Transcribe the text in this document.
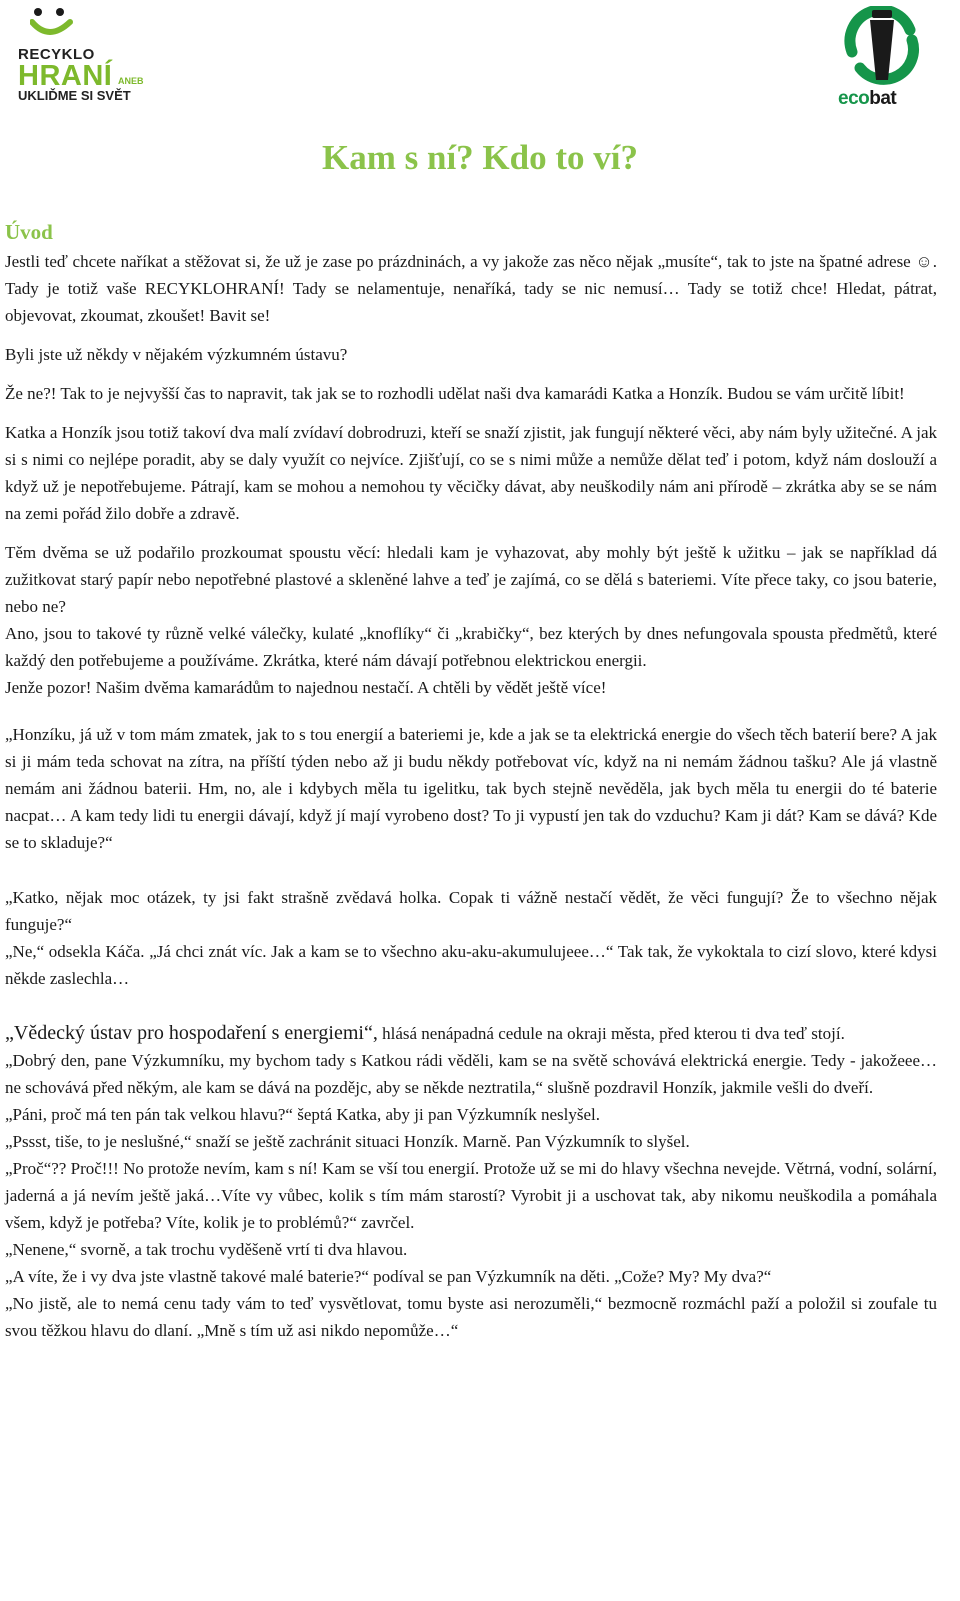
RECYKLO
HRANÍ ANEB
UKLIĎME SI SVĚT	ecobat
Kam s ní? Kdo to ví?
Úvod

Jestli teď chcete naříkat a stěžovat si, že už je zase po prázdninách, a vy jakože zas něco nějak „musíte“, tak to jste na špatné adrese ☺. Tady je totiž vaše RECYKLOHRANÍ! Tady se nelamentuje, nenaříká, tady se nic nemusí… Tady se totiž chce! Hledat, pátrat, objevovat, zkoumat, zkoušet! Bavit se!

Byli jste už někdy v nějakém výzkumném ústavu?

Že ne?! Tak to je nejvyšší čas to napravit, tak jak se to rozhodli udělat naši dva kamarádi Katka a Honzík. Budou se vám určitě líbit!

Katka a Honzík jsou totiž takoví dva malí zvídaví dobrodruzi, kteří se snaží zjistit, jak fungují některé věci, aby nám byly užitečné. A jak si s nimi co nejlépe poradit, aby se daly využít co nejvíce. Zjišťují, co se s nimi může a nemůže dělat teď i potom, když nám doslouží a když už je nepotřebujeme. Pátrají, kam se mohou a nemohou ty věcičky dávat, aby neuškodily nám ani přírodě – zkrátka aby se se nám na zemi pořád žilo dobře a zdravě.

Těm dvěma se už podařilo prozkoumat spoustu věcí: hledali kam je vyhazovat, aby mohly být ještě k užitku – jak se například dá zužitkovat starý papír nebo nepotřebné plastové a skleněné lahve a teď je zajímá, co se dělá s bateriemi. Víte přece taky, co jsou baterie, nebo ne?

Ano, jsou to takové ty různě velké válečky, kulaté „knoflíky“ či „krabičky“, bez kterých by dnes nefungovala spousta předmětů, které každý den potřebujeme a používáme. Zkrátka, které nám dávají potřebnou elektrickou energii.

Jenže pozor! Našim dvěma kamarádům to najednou nestačí. A chtěli by vědět ještě více!

„Honzíku, já už v tom mám zmatek, jak to s tou energií a bateriemi je, kde a jak se ta elektrická energie do všech těch baterií bere? A jak si ji mám teda schovat na zítra, na příští týden nebo až ji budu někdy potřebovat víc, když na ni nemám žádnou tašku? Ale já vlastně nemám ani žádnou baterii. Hm, no, ale i kdybych měla tu igelitku, tak bych stejně nevěděla, jak bych měla tu energii do té baterie nacpat… A kam tedy lidi tu energii dávají, když jí mají vyrobeno dost? To ji vypustí jen tak do vzduchu? Kam ji dát? Kam se dává? Kde se to skladuje?“

„Katko, nějak moc otázek, ty jsi fakt strašně zvědavá holka. Copak ti vážně nestačí vědět, že věci fungují? Že to všechno nějak funguje?“

„Ne,“ odsekla Káča. „Já chci znát víc. Jak a kam se to všechno aku-aku-akumulujeee…“ Tak tak, že vykoktala to cizí slovo, které kdysi někde zaslechla…

„Vědecký ústav pro hospodaření s energiemi“, hlásá nenápadná cedule na okraji města, před kterou ti dva teď stojí.

„Dobrý den, pane Výzkumníku, my bychom tady s Katkou rádi věděli, kam se na světě schovává elektrická energie. Tedy - jakožeee… ne schovává před někým, ale kam se dává na pozdějc, aby se někde neztratila,“ slušně pozdravil Honzík, jakmile vešli do dveří.

„Páni, proč má ten pán tak velkou hlavu?“ šeptá Katka, aby ji pan Výzkumník neslyšel.

„Pssst, tiše, to je neslušné,“ snaží se ještě zachránit situaci Honzík. Marně. Pan Výzkumník to slyšel.

„Proč“?? Proč!!! No protože nevím, kam s ní! Kam se vší tou energií. Protože už se mi do hlavy všechna nevejde. Větrná, vodní, solární, jaderná a já nevím ještě jaká…Víte vy vůbec, kolik s tím mám starostí? Vyrobit ji a uschovat tak, aby nikomu neuškodila a pomáhala všem, když je potřeba? Víte, kolik je to problémů?“ zavrčel.

„Nenene,“ svorně, a tak trochu vyděšeně vrtí ti dva hlavou.

„A víte, že i vy dva jste vlastně takové malé baterie?“ podíval se pan Výzkumník na děti. „Cože? My? My dva?“

„No jistě, ale to nemá cenu tady vám to teď vysvětlovat, tomu byste asi nerozuměli,“ bezmocně rozmáchl paží a položil si zoufale tu svou těžkou hlavu do dlaní. „Mně s tím už asi nikdo nepomůže…“
